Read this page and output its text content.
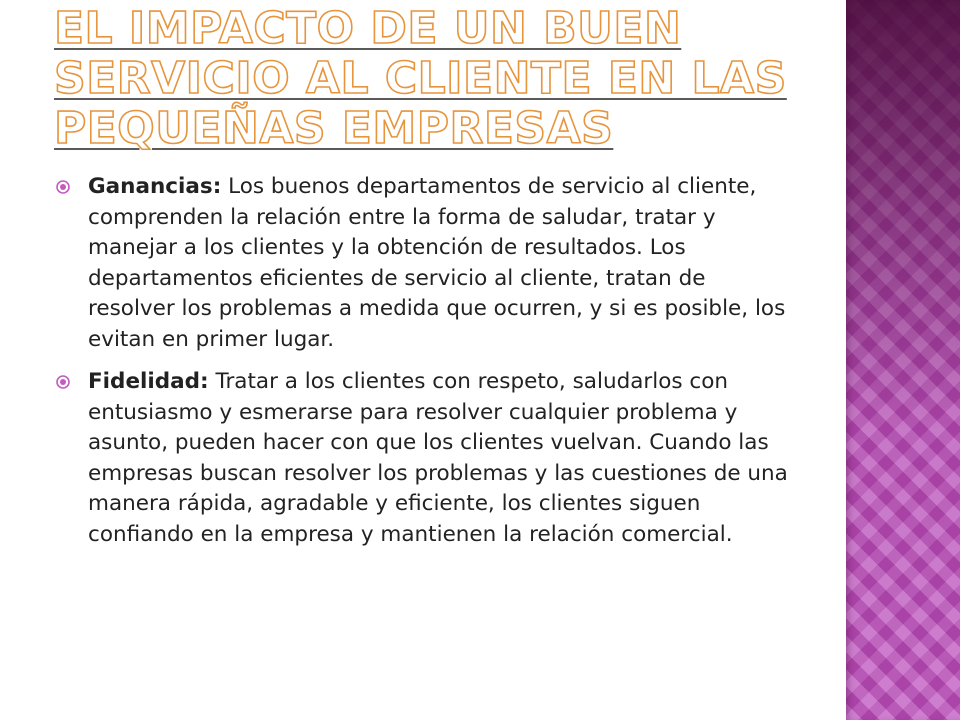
EL IMPACTO DE UN BUEN SERVICIO AL CLIENTE EN LAS PEQUEÑAS EMPRESAS
Ganancias: Los buenos departamentos de servicio al cliente, comprenden la relación entre la forma de saludar, tratar y manejar a los clientes y la obtención de resultados. Los departamentos eficientes de servicio al cliente, tratan de resolver los problemas a medida que ocurren, y si es posible, los evitan en primer lugar.
Fidelidad: Tratar a los clientes con respeto, saludarlos con entusiasmo y esmerarse para resolver cualquier problema y asunto, pueden hacer con que los clientes vuelvan. Cuando las empresas buscan resolver los problemas y las cuestiones de una manera rápida, agradable y eficiente, los clientes siguen confiando en la empresa y mantienen la relación comercial.
